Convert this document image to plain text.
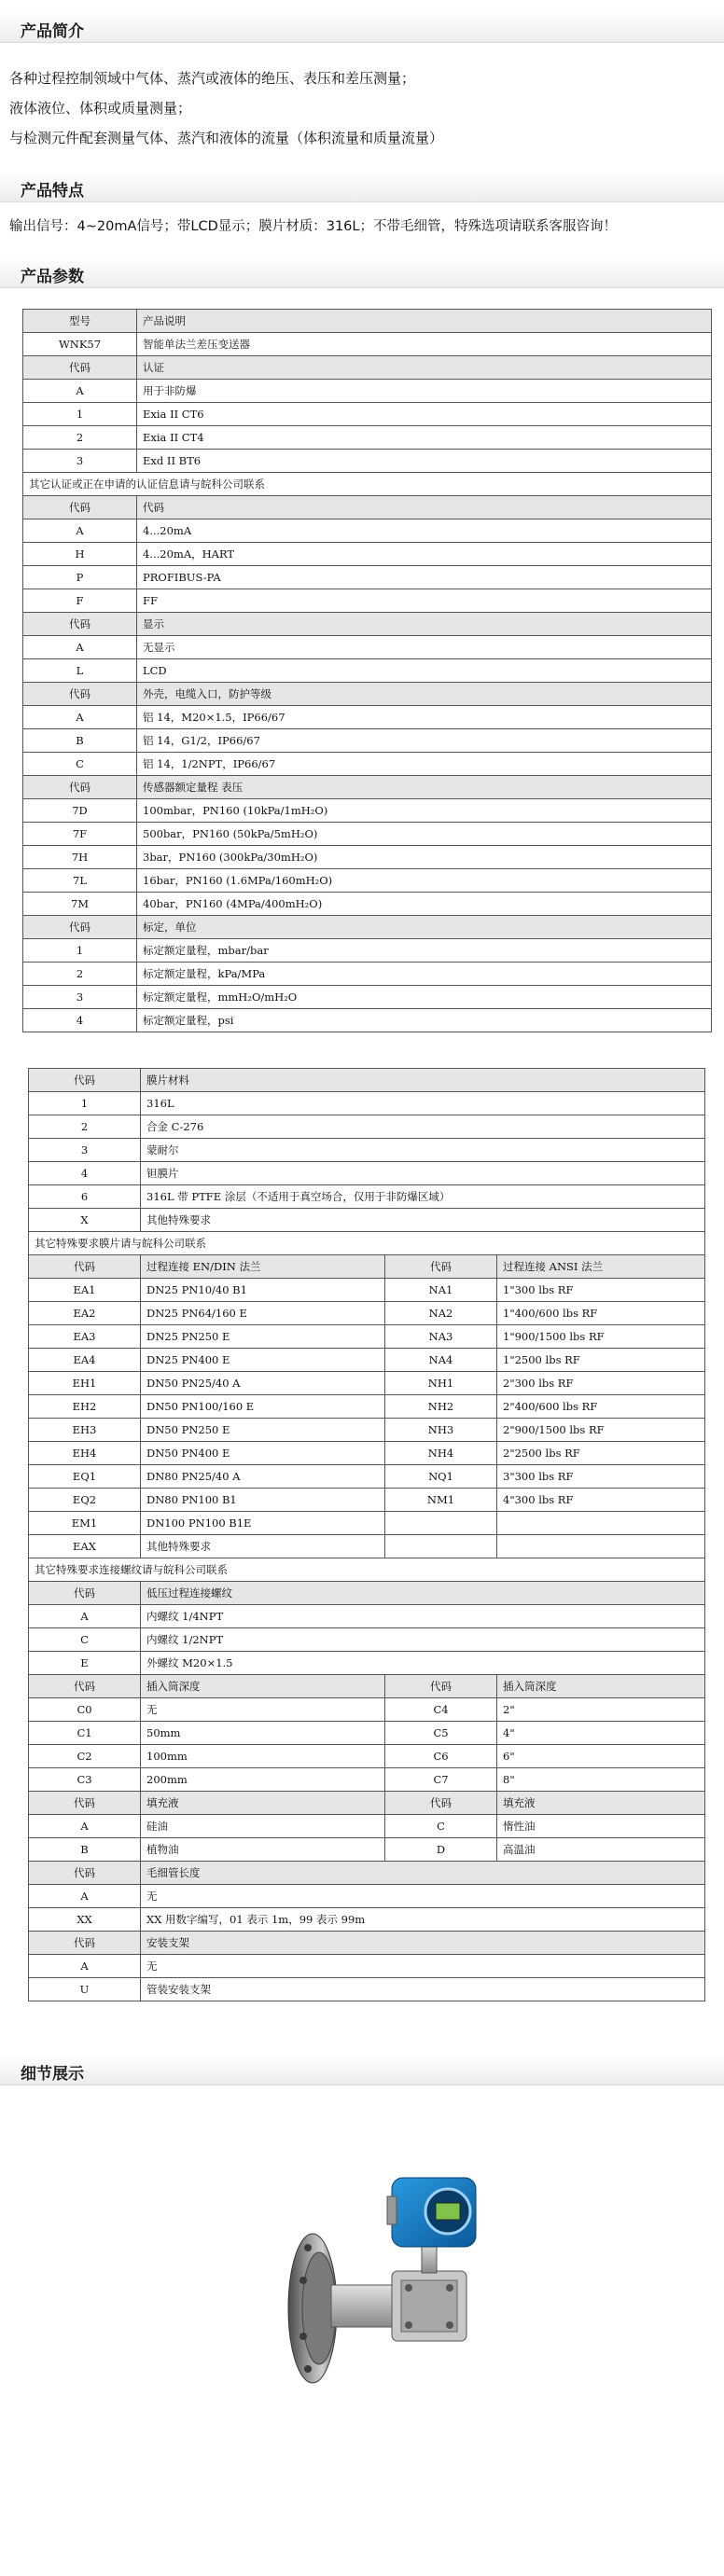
产品简介
各种过程控制领域中气体、蒸汽或液体的绝压、表压和差压测量；
液体液位、体积或质量测量；
与检测元件配套测量气体、蒸汽和液体的流量（体积流量和质量流量）
产品特点
输出信号：4~20mA信号；带LCD显示；膜片材质：316L；不带毛细管，特殊选项请联系客服咨询！
产品参数
型号	产品说明
WNK57	智能单法兰差压变送器
代码	认证
A	用于非防爆
1	Exia II CT6
2	Exia II CT4
3	Exd II BT6
其它认证或正在申请的认证信息请与皖科公司联系	
代码	代码
A	4...20mA
H	4...20mA，HART
P	PROFIBUS-PA
F	FF
代码	显示
A	无显示
L	LCD
代码	外壳，电缆入口，防护等级
A	铝 14，M20×1.5，IP66/67
B	铝 14，G1/2，IP66/67
C	铝 14，1/2NPT，IP66/67
代码	传感器额定量程 表压
7D	100mbar，PN160 (10kPa/1mH₂O)
7F	500bar，PN160 (50kPa/5mH₂O)
7H	3bar，PN160 (300kPa/30mH₂O)
7L	16bar，PN160 (1.6MPa/160mH₂O)
7M	40bar，PN160 (4MPa/400mH₂O)
代码	标定，单位
1	标定额定量程，mbar/bar
2	标定额定量程，kPa/MPa
3	标定额定量程，mmH₂O/mH₂O
4	标定额定量程，psi
代码	膜片材料		
1	316L		
2	合金 C-276		
3	蒙耐尔		
4	钽膜片		
6	316L 带 PTFE 涂层（不适用于真空场合，仅用于非防爆区域）		
X	其他特殊要求		
其它特殊要求膜片请与皖科公司联系			
代码	过程连接 EN/DIN 法兰	代码	过程连接 ANSI 法兰
EA1	DN25 PN10/40 B1	NA1	1"300 lbs RF
EA2	DN25 PN64/160 E	NA2	1"400/600 lbs RF
EA3	DN25 PN250 E	NA3	1"900/1500 lbs RF
EA4	DN25 PN400 E	NA4	1"2500 lbs RF
EH1	DN50 PN25/40 A	NH1	2"300 lbs RF
EH2	DN50 PN100/160 E	NH2	2"400/600 lbs RF
EH3	DN50 PN250 E	NH3	2"900/1500 lbs RF
EH4	DN50 PN400 E	NH4	2"2500 lbs RF
EQ1	DN80 PN25/40 A	NQ1	3"300 lbs RF
EQ2	DN80 PN100 B1	NM1	4"300 lbs RF
EM1	DN100 PN100 B1E		
EAX	其他特殊要求		
其它特殊要求连接螺纹请与皖科公司联系			
代码	低压过程连接螺纹		
A	内螺纹 1/4NPT		
C	内螺纹 1/2NPT		
E	外螺纹 M20×1.5		
代码	插入筒深度	代码	插入筒深度
C0	无	C4	2"
C1	50mm	C5	4"
C2	100mm	C6	6"
C3	200mm	C7	8"
代码	填充液	代码	填充液
A	硅油	C	惰性油
B	植物油	D	高温油
代码	毛细管长度		
A	无		
XX	XX 用数字编写，01 表示 1m，99 表示 99m		
代码	安装支架		
A	无		
U	管装安装支架		
细节展示
